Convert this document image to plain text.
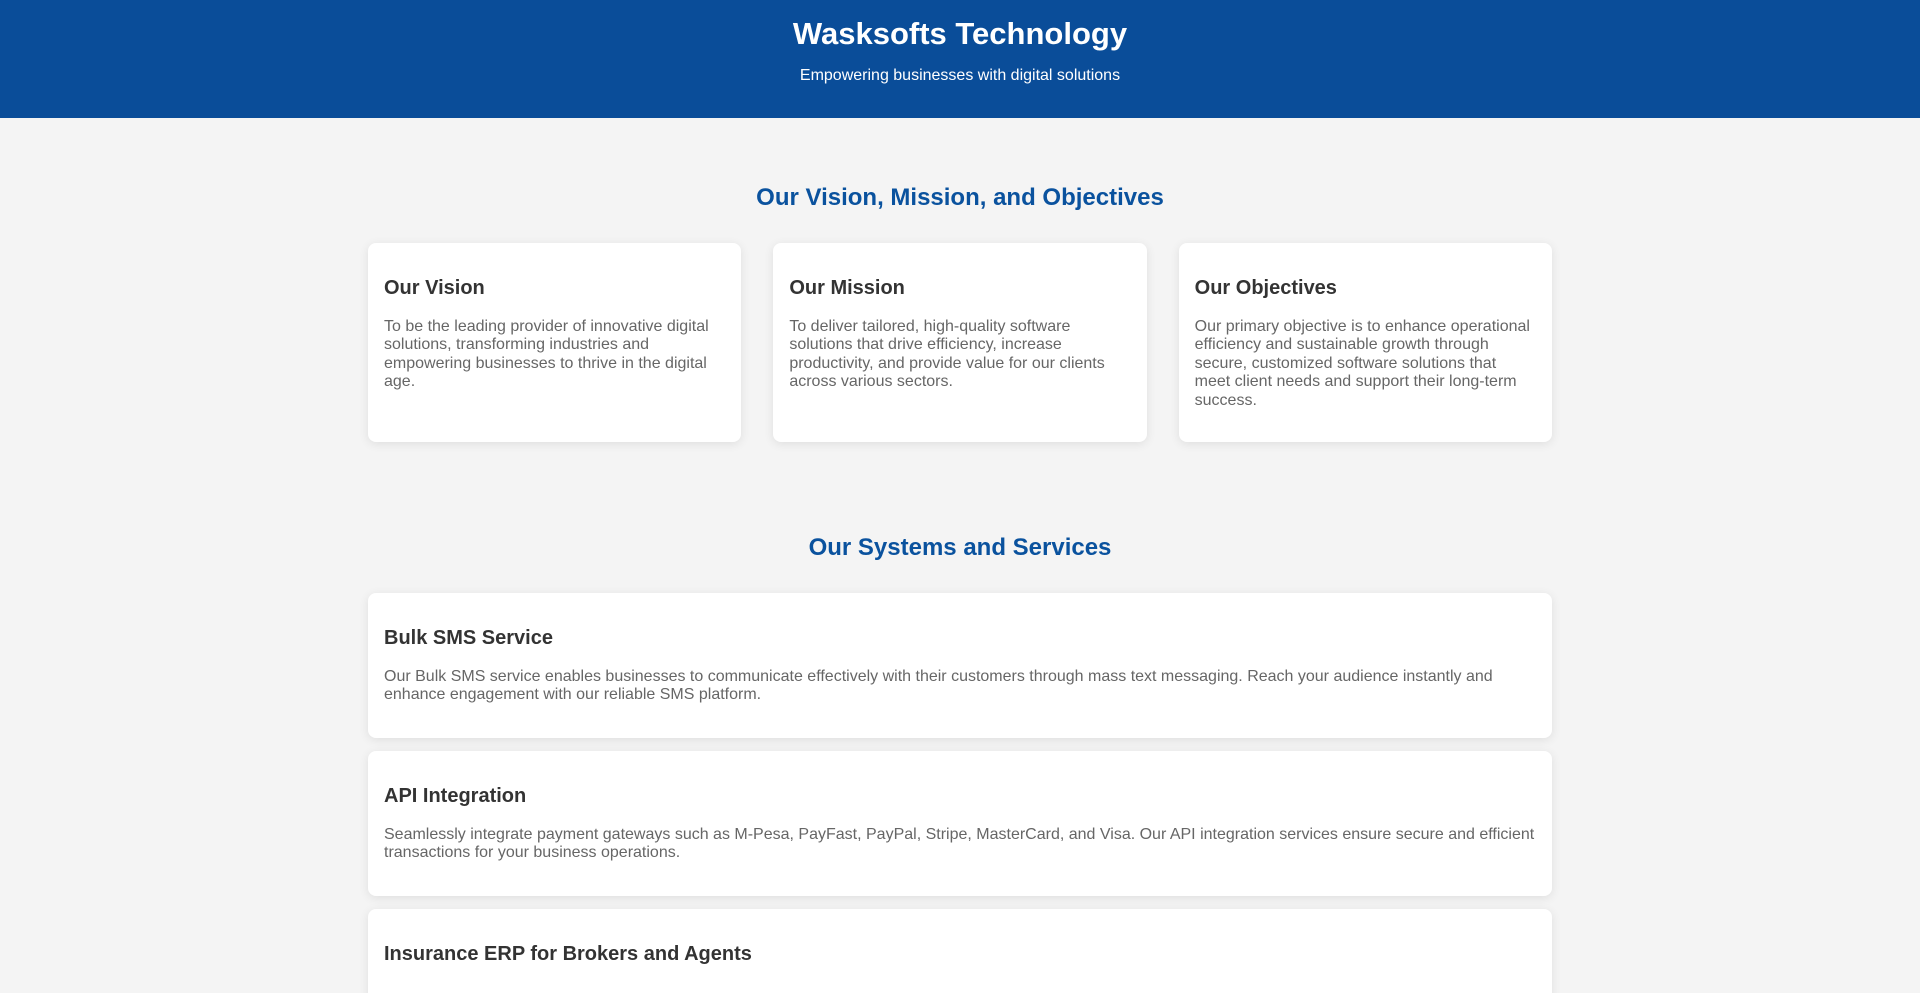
Wasksofts Technology

Empowering businesses with digital solutions

Our Vision, Mission, and Objectives
Our Vision

To be the leading provider of innovative digital solutions, transforming industries and empowering businesses to thrive in the digital age.

Our Mission

To deliver tailored, high-quality software solutions that drive efficiency, increase productivity, and provide value for our clients across various sectors.

Our Objectives

Our primary objective is to enhance operational efficiency and sustainable growth through secure, customized software solutions that meet client needs and support their long-term success.

Our Systems and Services
Bulk SMS Service

Our Bulk SMS service enables businesses to communicate effectively with their customers through mass text messaging. Reach your audience instantly and enhance engagement with our reliable SMS platform.

API Integration

Seamlessly integrate payment gateways such as M-Pesa, PayFast, PayPal, Stripe, MasterCard, and Visa. Our API integration services ensure secure and efficient transactions for your business operations.

Insurance ERP for Brokers and Agents
